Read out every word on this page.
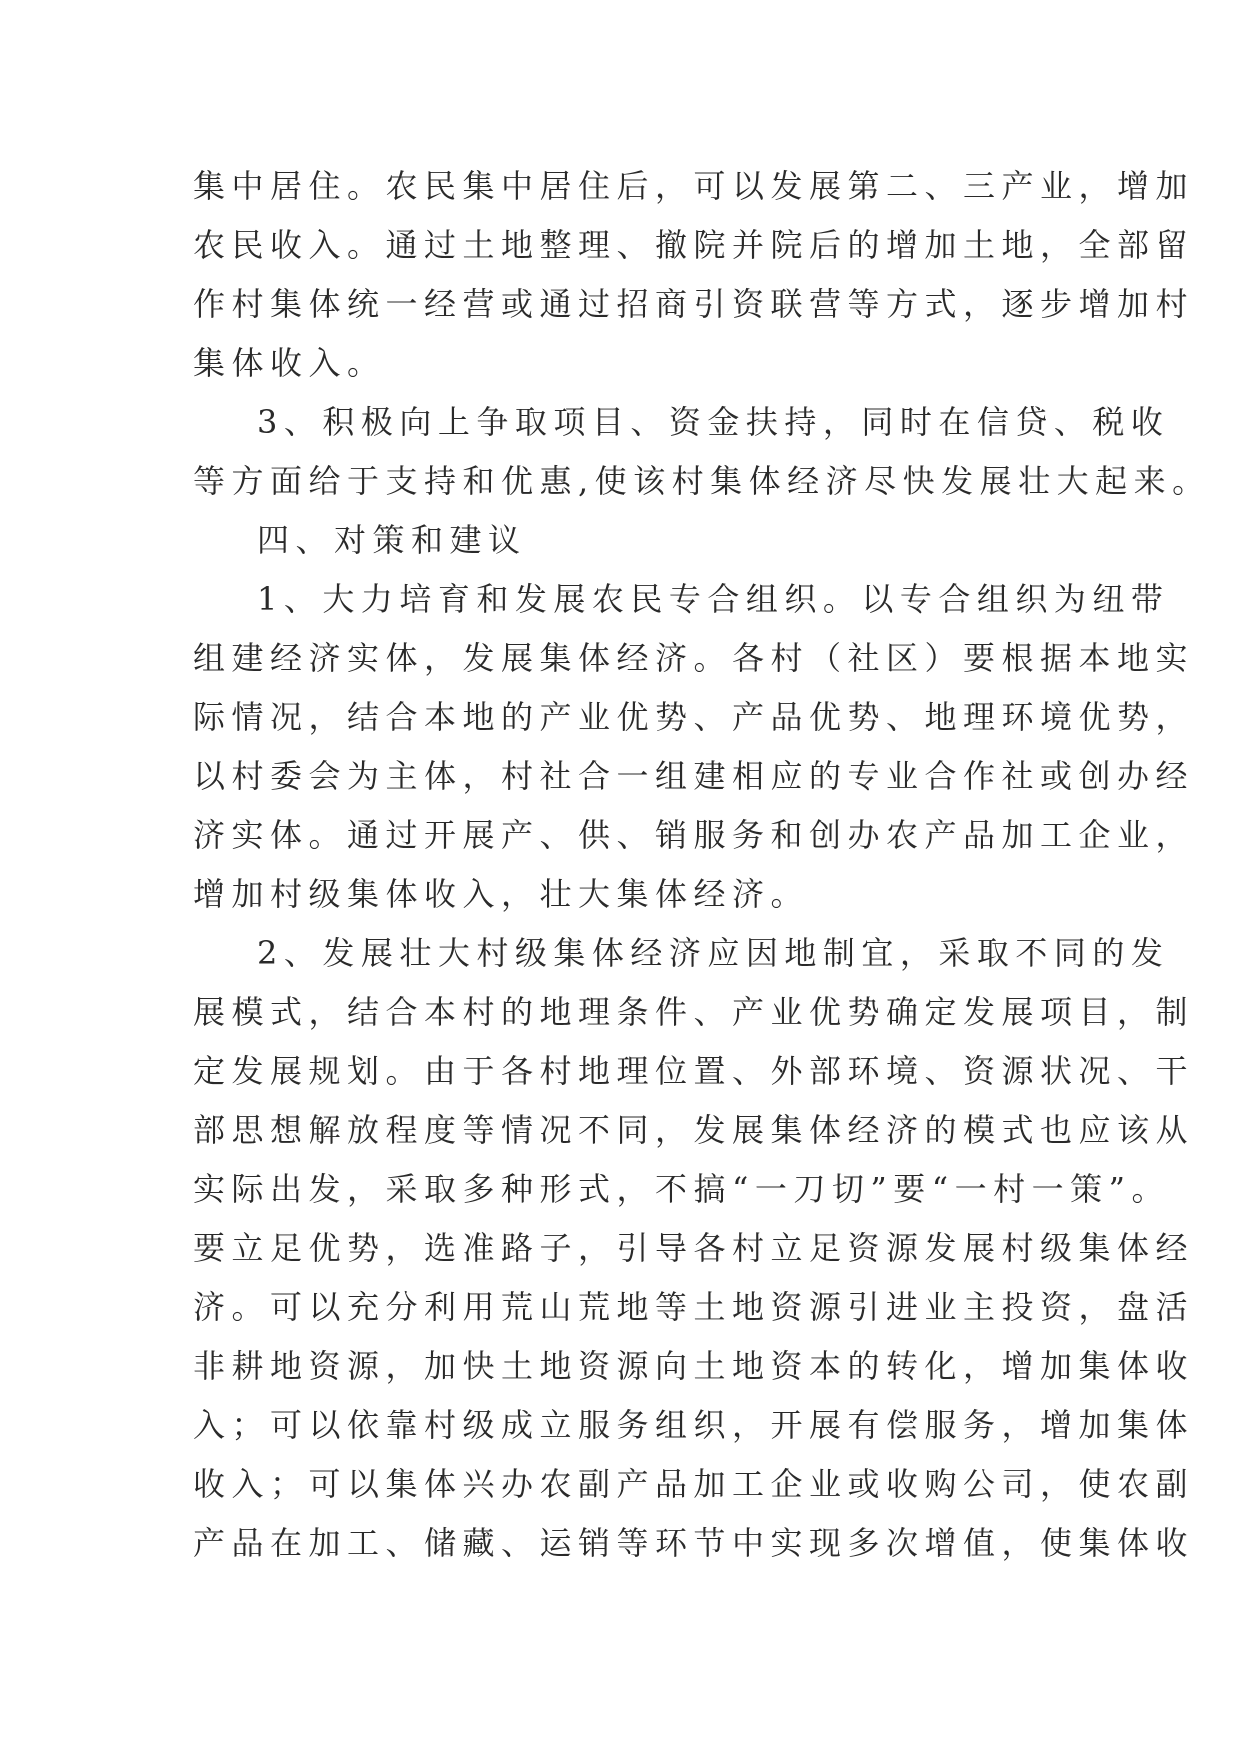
集中居住。农民集中居住后，可以发展第二、三产业，增加
农民收入。通过土地整理、撤院并院后的增加土地，全部留
作村集体统一经营或通过招商引资联营等方式，逐步增加村
集体收入。
3、积极向上争取项目、资金扶持，同时在信贷、税收
等方面给于支持和优惠,使该村集体经济尽快发展壮大起来。
四、对策和建议
1、大力培育和发展农民专合组织。以专合组织为纽带
组建经济实体，发展集体经济。各村（社区）要根据本地实
际情况，结合本地的产业优势、产品优势、地理环境优势，
以村委会为主体，村社合一组建相应的专业合作社或创办经
济实体。通过开展产、供、销服务和创办农产品加工企业，
增加村级集体收入，壮大集体经济。
2、发展壮大村级集体经济应因地制宜，采取不同的发
展模式，结合本村的地理条件、产业优势确定发展项目，制
定发展规划。由于各村地理位置、外部环境、资源状况、干
部思想解放程度等情况不同，发展集体经济的模式也应该从
实际出发，采取多种形式，不搞“一刀切”要“一村一策”。
要立足优势，选准路子，引导各村立足资源发展村级集体经
济。可以充分利用荒山荒地等土地资源引进业主投资，盘活
非耕地资源，加快土地资源向土地资本的转化，增加集体收
入；可以依靠村级成立服务组织，开展有偿服务，增加集体
收入；可以集体兴办农副产品加工企业或收购公司，使农副
产品在加工、储藏、运销等环节中实现多次增值，使集体收
